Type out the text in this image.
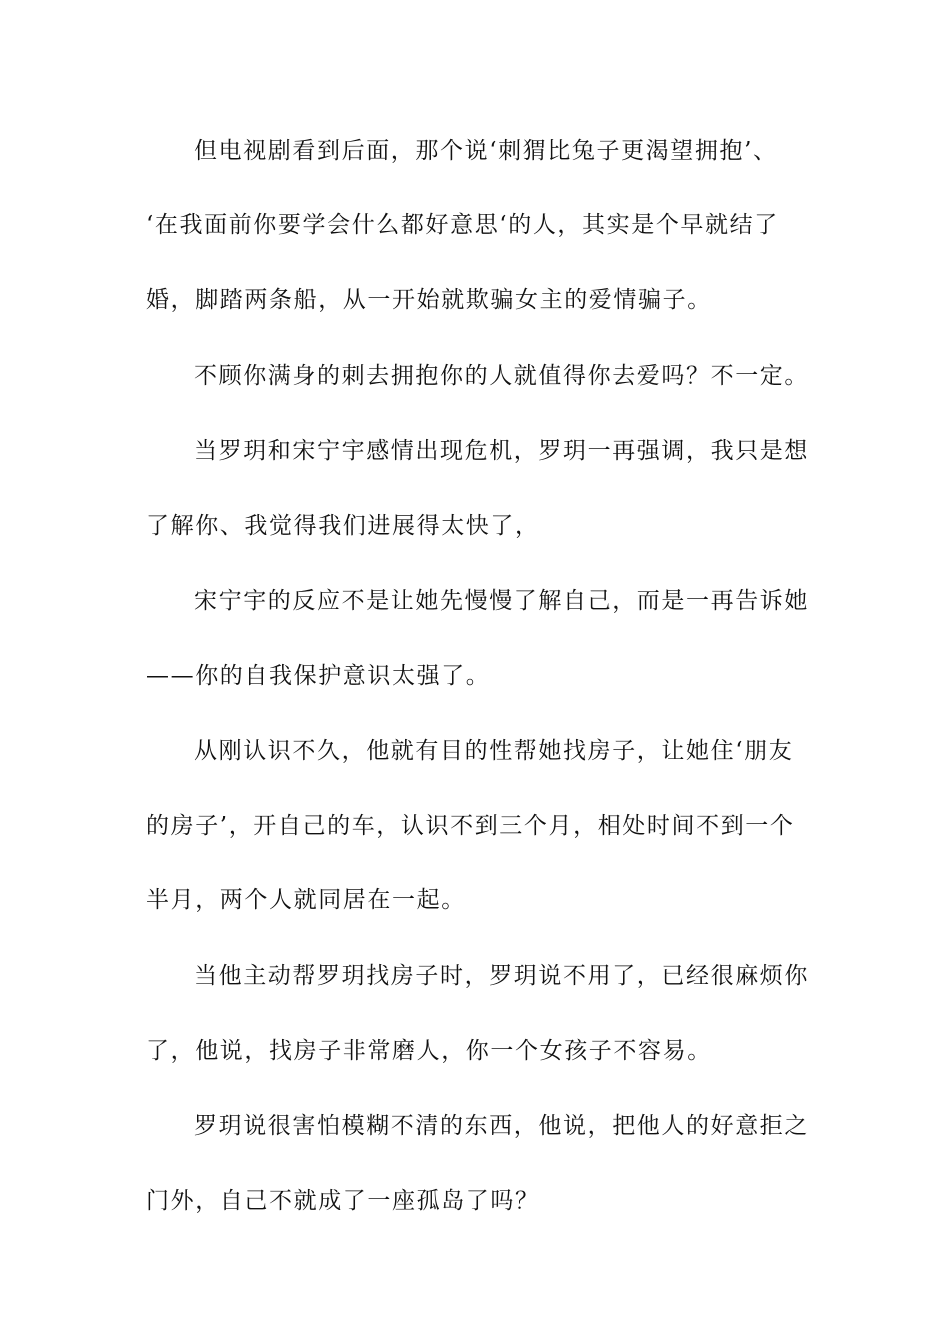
但电视剧看到后面，那个说‘刺猬比兔子更渴望拥抱’、
‘在我面前你要学会什么都好意思‘的人，其实是个早就结了
婚，脚踏两条船，从一开始就欺骗女主的爱情骗子。
不顾你满身的刺去拥抱你的人就值得你去爱吗？不一定。
当罗玥和宋宁宇感情出现危机，罗玥一再强调，我只是想
了解你、我觉得我们进展得太快了，
宋宁宇的反应不是让她先慢慢了解自己，而是一再告诉她
——你的自我保护意识太强了。
从刚认识不久，他就有目的性帮她找房子，让她住‘朋友
的房子’，开自己的车，认识不到三个月，相处时间不到一个
半月，两个人就同居在一起。
当他主动帮罗玥找房子时，罗玥说不用了，已经很麻烦你
了，他说，找房子非常磨人，你一个女孩子不容易。
罗玥说很害怕模糊不清的东西，他说，把他人的好意拒之
门外，自己不就成了一座孤岛了吗？
